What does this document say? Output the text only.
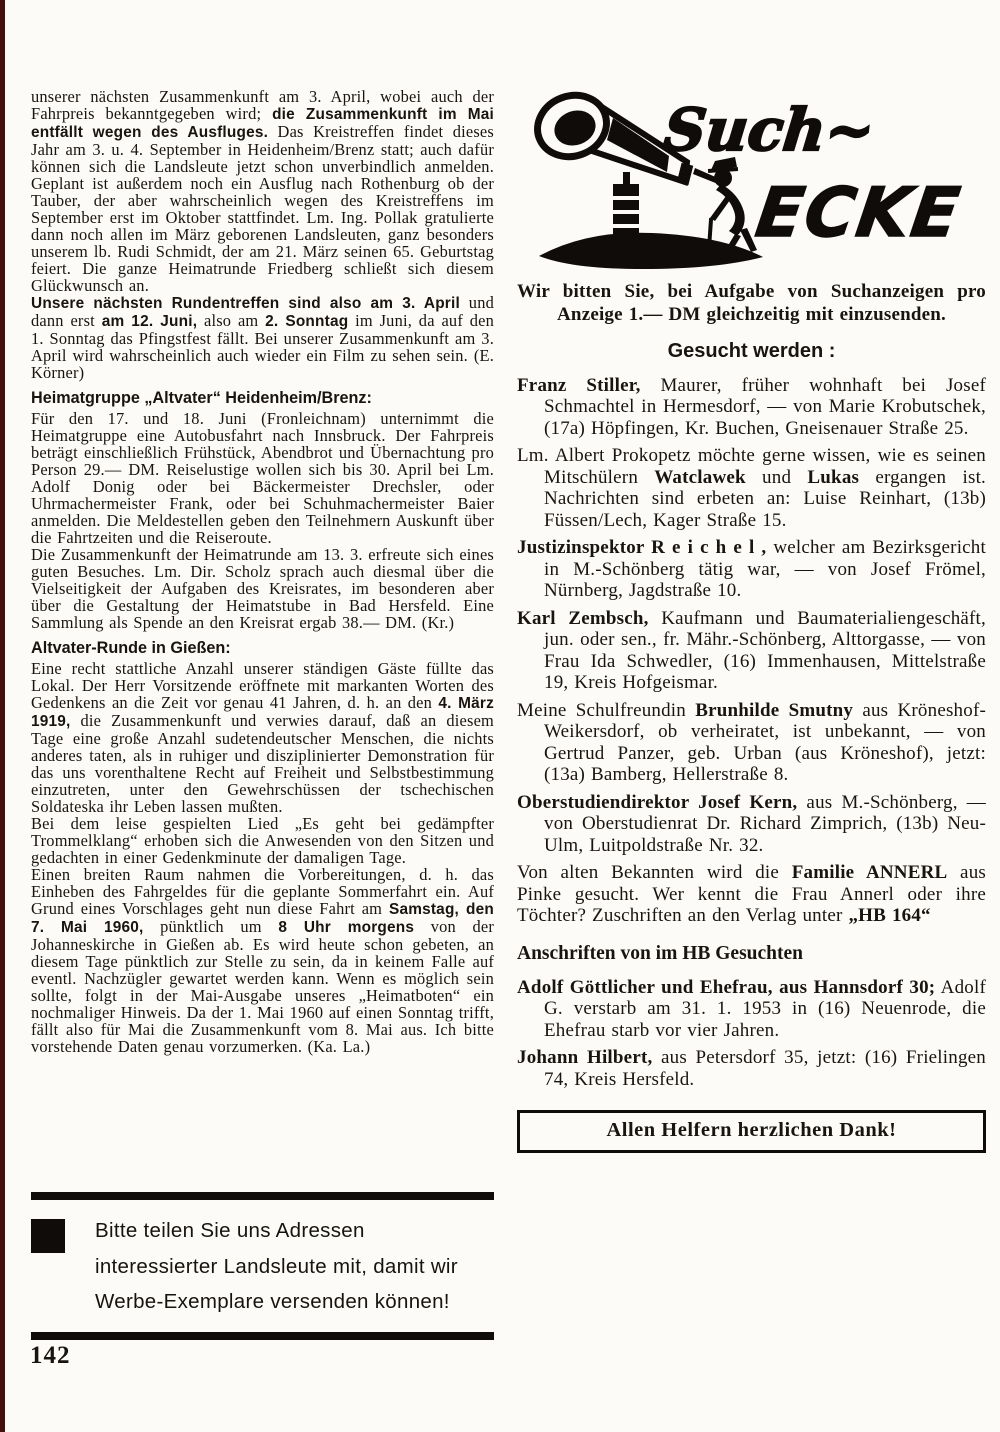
unserer nächsten Zusammenkunft am 3. April, wobei auch der Fahrpreis bekanntgegeben wird; die Zusammenkunft im Mai entfällt wegen des Ausfluges. Das Kreistreffen findet dieses Jahr am 3. u. 4. September in Heidenheim/Brenz statt; auch dafür können sich die Landsleute jetzt schon unverbindlich anmelden. Geplant ist außerdem noch ein Ausflug nach Rothenburg ob der Tauber, der aber wahrscheinlich wegen des Kreistreffens im September erst im Oktober stattfindet. Lm. Ing. Pollak gratulierte dann noch allen im März geborenen Landsleuten, ganz besonders unserem lb. Rudi Schmidt, der am 21. März seinen 65. Geburtstag feiert. Die ganze Heimatrunde Friedberg schließt sich diesem Glückwunsch an.
Unsere nächsten Rundentreffen sind also am 3. April und dann erst am 12. Juni, also am 2. Sonntag im Juni, da auf den 1. Sonntag das Pfingstfest fällt. Bei unserer Zusammenkunft am 3. April wird wahrscheinlich auch wieder ein Film zu sehen sein. (E. Körner)
Heimatgruppe „Altvater“ Heidenheim/Brenz:
Für den 17. und 18. Juni (Fronleichnam) unternimmt die Heimatgruppe eine Autobusfahrt nach Innsbruck. Der Fahrpreis beträgt einschließlich Frühstück, Abendbrot und Übernachtung pro Person 29.— DM. Reiselustige wollen sich bis 30. April bei Lm. Adolf Donig oder bei Bäckermeister Drechsler, oder Uhrmachermeister Frank, oder bei Schuhmachermeister Baier anmelden. Die Meldestellen geben den Teilnehmern Auskunft über die Fahrtzeiten und die Reiseroute.
Die Zusammenkunft der Heimatrunde am 13. 3. erfreute sich eines guten Besuches. Lm. Dir. Scholz sprach auch diesmal über die Vielseitigkeit der Aufgaben des Kreisrates, im besonderen aber über die Gestaltung der Heimatstube in Bad Hersfeld. Eine Sammlung als Spende an den Kreisrat ergab 38.— DM. (Kr.)
Altvater-Runde in Gießen:
Eine recht stattliche Anzahl unserer ständigen Gäste füllte das Lokal. Der Herr Vorsitzende eröffnete mit markanten Worten des Gedenkens an die Zeit vor genau 41 Jahren, d. h. an den 4. März 1919, die Zusammenkunft und verwies darauf, daß an diesem Tage eine große Anzahl sudetendeutscher Menschen, die nichts anderes taten, als in ruhiger und disziplinierter Demonstration für das uns vorenthaltene Recht auf Freiheit und Selbstbestimmung einzutreten, unter den Gewehrschüssen der tschechischen Soldateska ihr Leben lassen mußten.
Bei dem leise gespielten Lied „Es geht bei gedämpfter Trommelklang“ erhoben sich die Anwesenden von den Sitzen und gedachten in einer Gedenkminute der damaligen Tage.
Einen breiten Raum nahmen die Vorbereitungen, d. h. das Einheben des Fahrgeldes für die geplante Sommerfahrt ein. Auf Grund eines Vorschlages geht nun diese Fahrt am Samstag, den 7. Mai 1960, pünktlich um 8 Uhr morgens von der Johanneskirche in Gießen ab. Es wird heute schon gebeten, an diesem Tage pünktlich zur Stelle zu sein, da in keinem Falle auf eventl. Nachzügler gewartet werden kann. Wenn es möglich sein sollte, folgt in der Mai-Ausgabe unseres „Heimatboten“ ein nochmaliger Hinweis. Da der 1. Mai 1960 auf einen Sonntag trifft, fällt also für Mai die Zusammenkunft vom 8. Mai aus. Ich bitte vorstehende Daten genau vorzumerken. (Ka. La.)
Bitte teilen Sie uns Adressen
interessierter Landsleute mit, damit wir
Werbe-Exemplare versenden können!
142
Such~
ECKE
Wir bitten Sie, bei Aufgabe von Suchanzeigen pro Anzeige 1.— DM gleichzeitig mit einzusenden.
Gesucht werden :
Franz Stiller, Maurer, früher wohnhaft bei Josef Schmachtel in Hermesdorf, — von Marie Krobutschek, (17a) Höpfingen, Kr. Buchen, Gneisenauer Straße 25.
Lm. Albert Prokopetz möchte gerne wissen, wie es seinen Mitschülern Watclawek und Lukas ergangen ist. Nachrichten sind erbeten an: Luise Reinhart, (13b) Füssen/Lech, Kager Straße 15.
Justizinspektor R e i c h e l , welcher am Bezirksgericht in M.-Schönberg tätig war, — von Josef Frömel, Nürnberg, Jagdstraße 10.
Karl Zembsch, Kaufmann und Baumaterialiengeschäft, jun. oder sen., fr. Mähr.-Schönberg, Alttorgasse, — von Frau Ida Schwedler, (16) Immenhausen, Mittelstraße 19, Kreis Hofgeismar.
Meine Schulfreundin Brunhilde Smutny aus Kröneshof-Weikersdorf, ob verheiratet, ist unbekannt, — von Gertrud Panzer, geb. Urban (aus Kröneshof), jetzt: (13a) Bamberg, Hellerstraße 8.
Oberstudiendirektor Josef Kern, aus M.-Schönberg, — von Oberstudienrat Dr. Richard Zimprich, (13b) Neu-Ulm, Luitpoldstraße Nr. 32.
Von alten Bekannten wird die Familie ANNERL aus Pinke gesucht. Wer kennt die Frau Annerl oder ihre Töchter? Zuschriften an den Verlag unter „HB 164“
Anschriften von im HB Gesuchten
Adolf Göttlicher und Ehefrau, aus Hannsdorf 30; Adolf G. verstarb am 31. 1. 1953 in (16) Neuenrode, die Ehefrau starb vor vier Jahren.
Johann Hilbert, aus Petersdorf 35, jetzt: (16) Frielingen 74, Kreis Hersfeld.
Allen Helfern herzlichen Dank!
